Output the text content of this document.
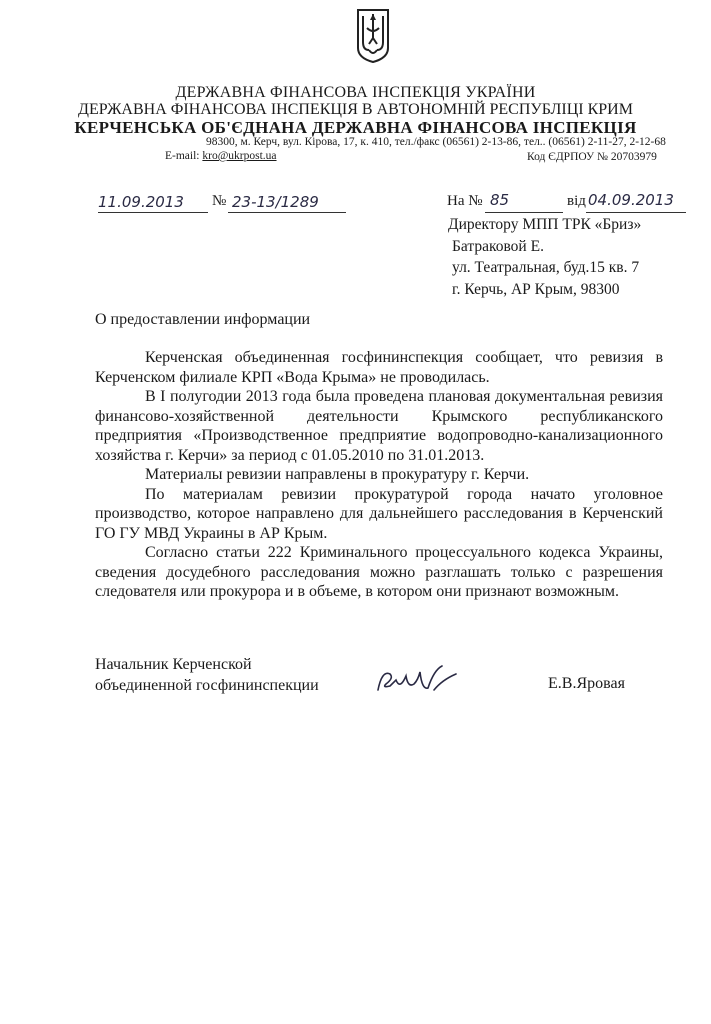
ДЕРЖАВНА ФІНАНСОВА ІНСПЕКЦІЯ УКРАЇНИ
ДЕРЖАВНА ФІНАНСОВА ІНСПЕКЦІЯ В АВТОНОМНІЙ РЕСПУБЛІЦІ КРИМ
КЕРЧЕНСЬКА ОБ'ЄДНАНА ДЕРЖАВНА ФІНАНСОВА ІНСПЕКЦІЯ
98300, м. Керч, вул. Кірова, 17, к. 410, тел./факс (06561) 2-13-86, тел.. (06561) 2-11-27, 2-12-68
E-mail: kro@ukrpost.ua	Код ЄДРПОУ № 20703979
11.09.2013 № 23-13/1289	На № 85	від 04.09.2013
Директору МПП ТРК «Бриз»
Батраковой Е.
ул. Театральная, буд.15 кв. 7
г. Керчь, АР Крым, 98300
О предоставлении информации

Керченская объединенная госфининспекция сообщает, что ревизия в Керченском филиале КРП «Вода Крыма» не проводилась.

В I полугодии 2013 года была проведена плановая документальная ревизия финансово-хозяйственной деятельности Крымского республиканского предприятия «Производственное предприятие водопроводно-канализационного хозяйства г. Керчи» за период с 01.05.2010 по 31.01.2013.

Материалы ревизии направлены в прокуратуру г. Керчи.

По материалам ревизии прокуратурой города начато уголовное производство, которое направлено для дальнейшего расследования в Керченский ГО ГУ МВД Украины в АР Крым.

Согласно статьи 222 Криминального процессуального кодекса Украины, сведения досудебного расследования можно разглашать только с разрешения следователя или прокурора и в объеме, в котором они признают возможным.

Начальник Керченской
объединенной госфининспекции	Е.В.Яровая
